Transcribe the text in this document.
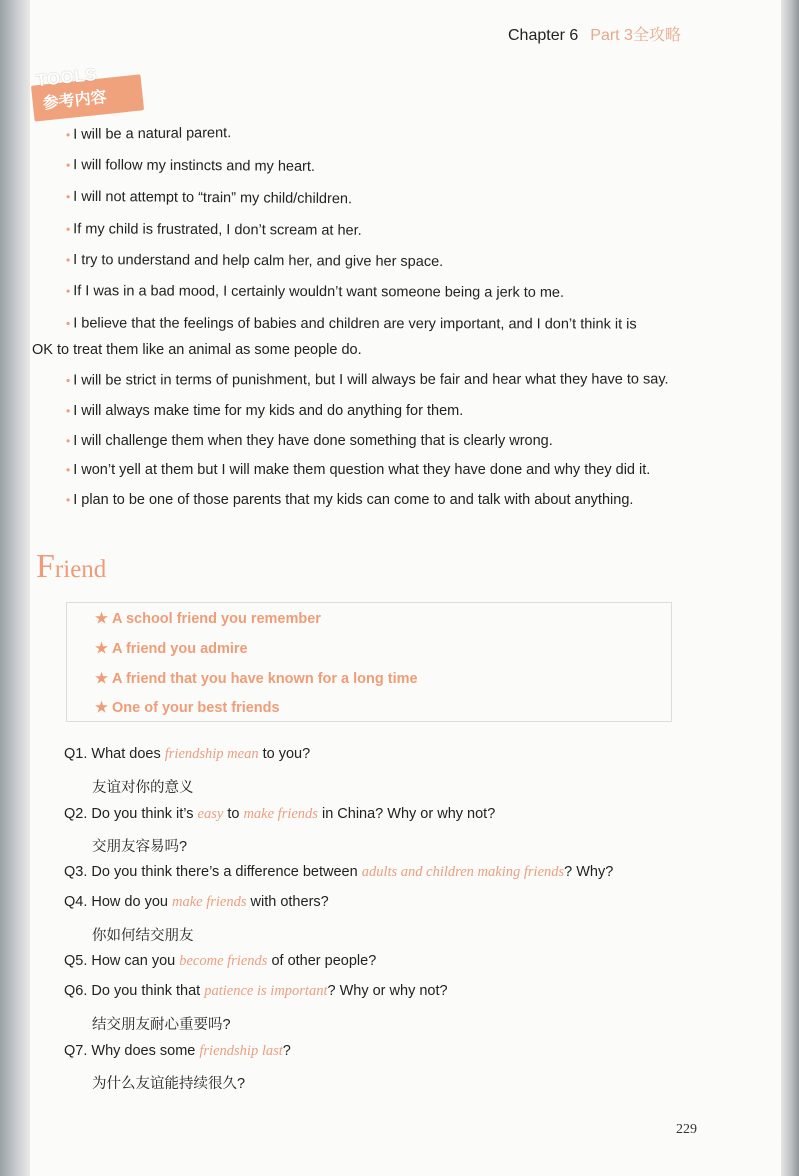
Chapter 6 Part 3全攻略
TOOLS
参考内容
• I will be a natural parent.
• I will follow my instincts and my heart.
• I will not attempt to “train” my child/children.
• If my child is frustrated, I don’t scream at her.
• I try to understand and help calm her, and give her space.
• If I was in a bad mood, I certainly wouldn’t want someone being a jerk to me.
• I believe that the feelings of babies and children are very important, and I don’t think it is
OK to treat them like an animal as some people do.
• I will be strict in terms of punishment, but I will always be fair and hear what they have to say.
• I will always make time for my kids and do anything for them.
• I will challenge them when they have done something that is clearly wrong.
• I won’t yell at them but I will make them question what they have done and why they did it.
• I plan to be one of those parents that my kids can come to and talk with about anything.
Friend
★ A school friend you remember
★ A friend you admire
★ A friend that you have known for a long time
★ One of your best friends
Q1. What does friendship mean to you?
友谊对你的意义
Q2. Do you think it’s easy to make friends in China? Why or why not?
交朋友容易吗?
Q3. Do you think there’s a difference between adults and children making friends? Why?
Q4. How do you make friends with others?
你如何结交朋友
Q5. How can you become friends of other people?
Q6. Do you think that patience is important? Why or why not?
结交朋友耐心重要吗?
Q7. Why does some friendship last?
为什么友谊能持续很久?
229
